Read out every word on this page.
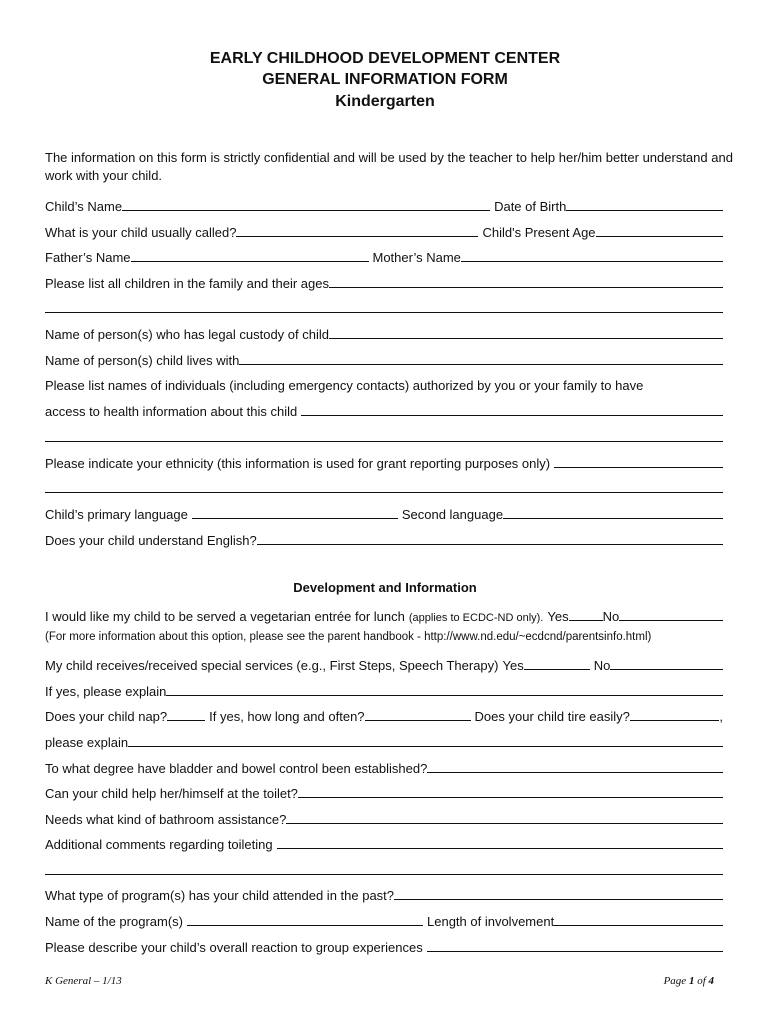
EARLY CHILDHOOD DEVELOPMENT CENTER
GENERAL INFORMATION FORM
Kindergarten
The information on this form is strictly confidential and will be used by the teacher to help her/him better understand and work with your child.
Child’s Name	Date of Birth
What is your child usually called?	Child's Present Age
Father’s Name	Mother’s Name
Please list all children in the family and their ages
Name of person(s) who has legal custody of child
Name of person(s) child lives with
Please list names of individuals (including emergency contacts) authorized by you or your family to have
access to health information about this child
Please indicate your ethnicity (this information is used for grant reporting purposes only)
Child’s primary language	Second language
Does your child understand English?
Development and Information
I would like my child to be served a vegetarian entrée for lunch (applies to ECDC-ND only). Yes	No
(For more information about this option, please see the parent handbook - http://www.nd.edu/~ecdcnd/parentsinfo.html)
My child receives/received special services (e.g., First Steps, Speech Therapy) Yes	No
If yes, please explain
Does your child nap?	If yes, how long and often?	Does your child tire easily?	,
please explain
To what degree have bladder and bowel control been established?
Can your child help her/himself at the toilet?
Needs what kind of bathroom assistance?
Additional comments regarding toileting
What type of program(s) has your child attended in the past?
Name of the program(s)	Length of involvement
Please describe your child’s overall reaction to group experiences
K General – 1/13	Page 1 of 4
